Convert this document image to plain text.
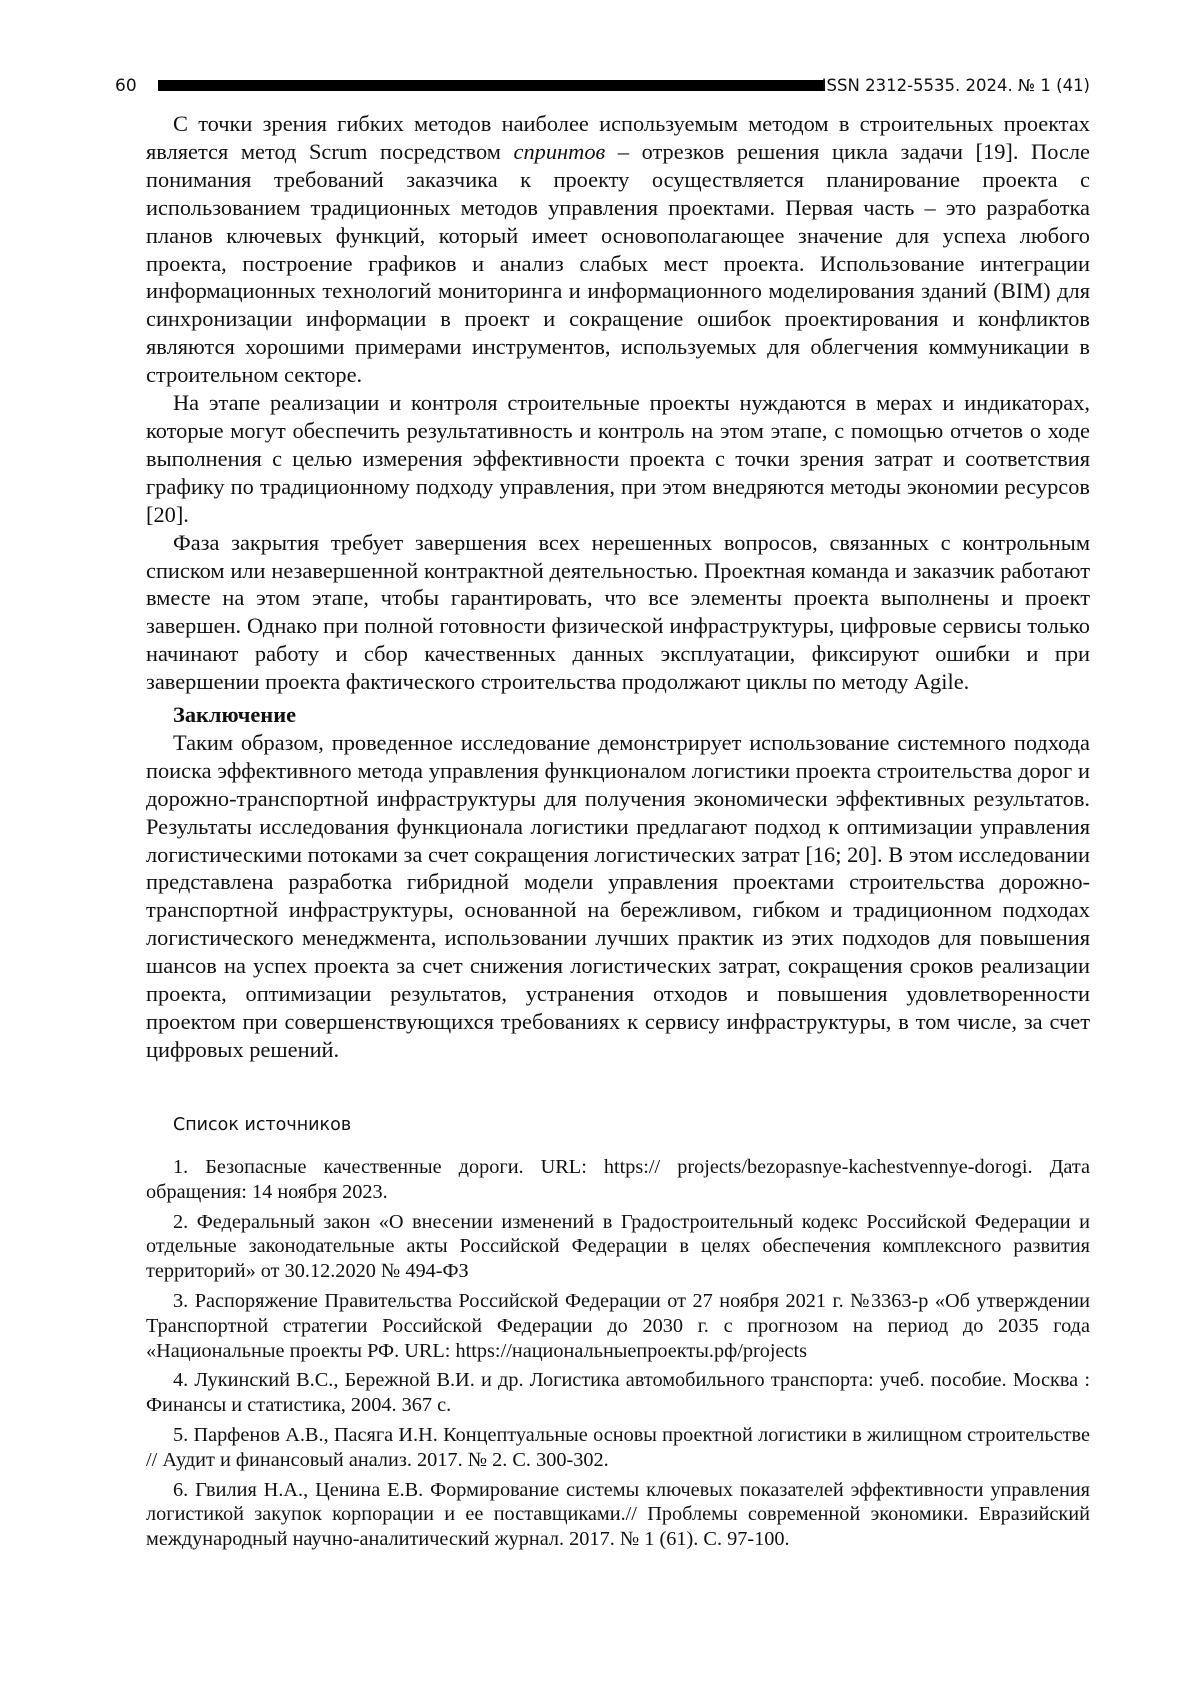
60	ISSN 2312-5535. 2024. № 1 (41)

С точки зрения гибких методов наиболее используемым методом в строительных проектах является метод Scrum посредством спринтов – отрезков решения цикла задачи [19]. После понимания требований заказчика к проекту осуществляется планирование проекта с использованием традиционных методов управления проектами. Первая часть – это разработка планов ключевых функций, который имеет основополагающее значение для успеха любого проекта, построение графиков и анализ слабых мест проекта. Использование интеграции информационных технологий мониторинга и информационного моделирования зданий (BIM) для синхронизации информации в проект и сокращение ошибок проектирования и конфликтов являются хорошими примерами инструментов, используемых для облегчения коммуникации в строительном секторе.

На этапе реализации и контроля строительные проекты нуждаются в мерах и индикаторах, которые могут обеспечить результативность и контроль на этом этапе, с помощью отчетов о ходе выполнения с целью измерения эффективности проекта с точки зрения затрат и соответствия графику по традиционному подходу управления, при этом внедряются методы экономии ресурсов [20].

Фаза закрытия требует завершения всех нерешенных вопросов, связанных с контрольным списком или незавершенной контрактной деятельностью. Проектная команда и заказчик работают вместе на этом этапе, чтобы гарантировать, что все элементы проекта выполнены и проект завершен. Однако при полной готовности физической инфраструктуры, цифровые сервисы только начинают работу и сбор качественных данных эксплуатации, фиксируют ошибки и при завершении проекта фактического строительства продолжают циклы по методу Agile.

Заключение

Таким образом, проведенное исследование демонстрирует использование системного подхода поиска эффективного метода управления функционалом логистики проекта строительства дорог и дорожно-транспортной инфраструктуры для получения экономически эффективных результатов. Результаты исследования функционала логистики предлагают подход к оптимизации управления логистическими потоками за счет сокращения логистических затрат [16; 20]. В этом исследовании представлена разработка гибридной модели управления проектами строительства дорожно-транспортной инфраструктуры, основанной на бережливом, гибком и традиционном подходах логистического менеджмента, использовании лучших практик из этих подходов для повышения шансов на успех проекта за счет снижения логистических затрат, сокращения сроков реализации проекта, оптимизации результатов, устранения отходов и повышения удовлетворенности проектом при совершенствующихся требованиях к сервису инфраструктуры, в том числе, за счет цифровых решений.

Список источников

1. Безопасные качественные дороги. URL: https:// projects/bezopasnye-kachestvennye-dorogi. Дата обращения: 14 ноября 2023.

2. Федеральный закон «О внесении изменений в Градостроительный кодекс Российской Федерации и отдельные законодательные акты Российской Федерации в целях обеспечения комплексного развития территорий» от 30.12.2020 № 494-ФЗ

3. Распоряжение Правительства Российской Федерации от 27 ноября 2021 г. №3363-р «Об утверждении Транспортной стратегии Российской Федерации до 2030 г. с прогнозом на период до 2035 года «Национальные проекты РФ. URL: https://национальныепроекты.рф/projects

4. Лукинский В.С., Бережной В.И. и др. Логистика автомобильного транспорта: учеб. пособие. Москва : Финансы и статистика, 2004. 367 с.

5. Парфенов А.В., Пасяга И.Н. Концептуальные основы проектной логистики в жилищном строительстве // Аудит и финансовый анализ. 2017. № 2. С. 300-302.

6. Гвилия Н.А., Ценина Е.В. Формирование системы ключевых показателей эффективности управления логистикой закупок корпорации и ее поставщиками.// Проблемы современной экономики. Евразийский международный научно-аналитический журнал. 2017. № 1 (61). С. 97-100.
